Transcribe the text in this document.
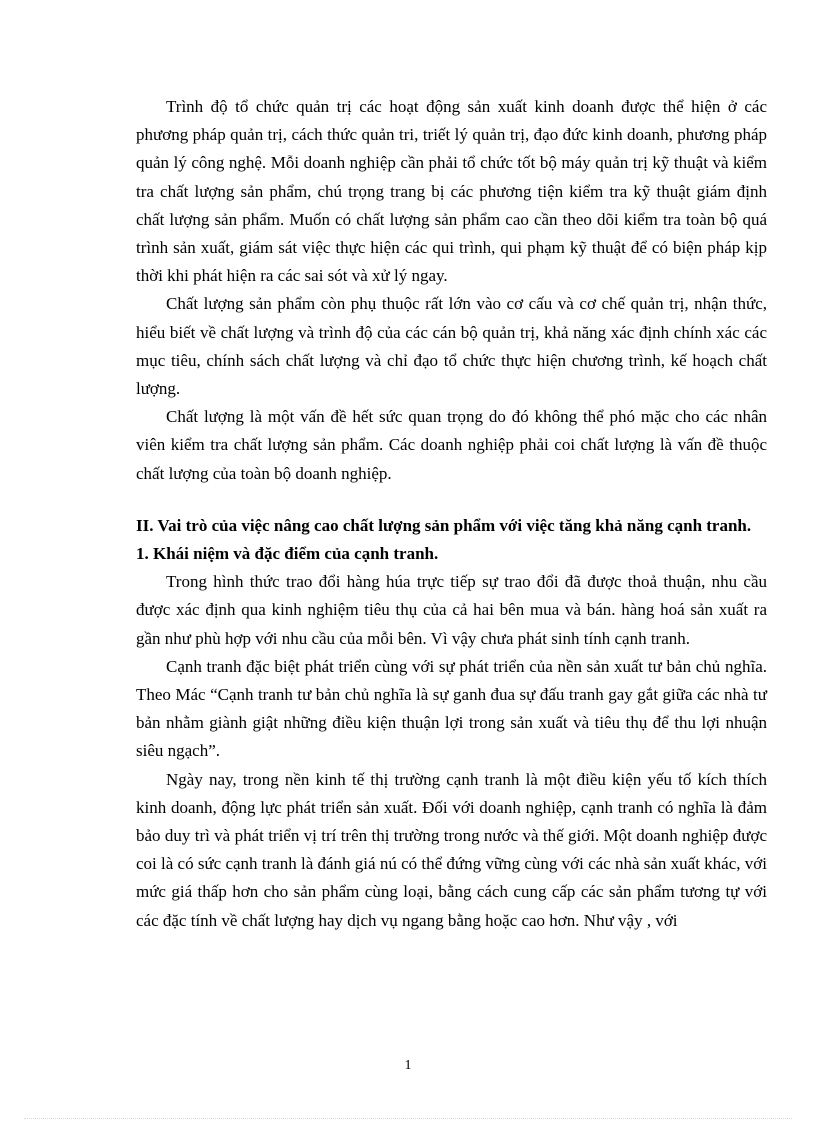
Trình độ tổ chức quản trị các hoạt động sản xuất kinh doanh được thể hiện ở các phương pháp quản trị, cách thức quản tri, triết lý quản trị, đạo đức kinh doanh, phương pháp quản lý công nghệ. Mỗi doanh nghiệp cần phải tổ chức tốt bộ máy quản trị kỹ thuật và kiểm tra chất lượng sản phẩm, chú trọng trang bị các phương tiện kiểm tra kỹ thuật giám định chất lượng sản phẩm. Muốn có chất lượng sản phẩm cao cần theo dõi kiểm tra toàn bộ quá trình sản xuất, giám sát việc thực hiện các qui trình, qui phạm kỹ thuật để có biện pháp kịp thời khi phát hiện ra các sai sót và xử lý ngay.

Chất lượng sản phẩm còn phụ thuộc rất lớn vào cơ cấu và cơ chế quản trị, nhận thức, hiểu biết về chất lượng và trình độ của các cán bộ quản trị, khả năng xác định chính xác các mục tiêu, chính sách chất lượng và chỉ đạo tổ chức thực hiện chương trình, kế hoạch chất lượng.

Chất lượng là một vấn đề hết sức quan trọng do đó không thể phó mặc cho các nhân viên kiểm tra chất lượng sản phẩm. Các doanh nghiệp phải coi chất lượng là vấn đề thuộc chất lượng của toàn bộ doanh nghiệp.

II. Vai trò của việc nâng cao chất lượng sản phẩm với việc tăng khả năng cạnh tranh.

1. Khái niệm và đặc điểm của cạnh tranh.

Trong hình thức trao đổi hàng húa trực tiếp sự trao đổi đã được thoả thuận, nhu cầu được xác định qua kinh nghiệm tiêu thụ của cả hai bên mua và bán. hàng hoá sản xuất ra gần như phù hợp với nhu cầu của mỗi bên. Vì vậy chưa phát sinh tính cạnh tranh.

Cạnh tranh đặc biệt phát triển cùng với sự phát triển của nền sản xuất tư bản chủ nghĩa. Theo Mác “Cạnh tranh tư bản chủ nghĩa là sự ganh đua sự đấu tranh gay gắt giữa các nhà tư bản nhằm giành giật những điều kiện thuận lợi trong sản xuất và tiêu thụ để thu lợi nhuận siêu ngạch”.

Ngày nay, trong nền kinh tế thị trường cạnh tranh là một điều kiện yếu tố kích thích kinh doanh, động lực phát triển sản xuất. Đối với doanh nghiệp, cạnh tranh có nghĩa là đảm bảo duy trì và phát triển vị trí trên thị trường trong nước và thế giới. Một doanh nghiệp được coi là có sức cạnh tranh là đánh giá nú có thể đứng vững cùng với các nhà sản xuất khác, với mức giá thấp hơn cho sản phẩm cùng loại, bằng cách cung cấp các sản phẩm tương tự với các đặc tính về chất lượng hay dịch vụ ngang bằng hoặc cao hơn. Như vậy , với

1
